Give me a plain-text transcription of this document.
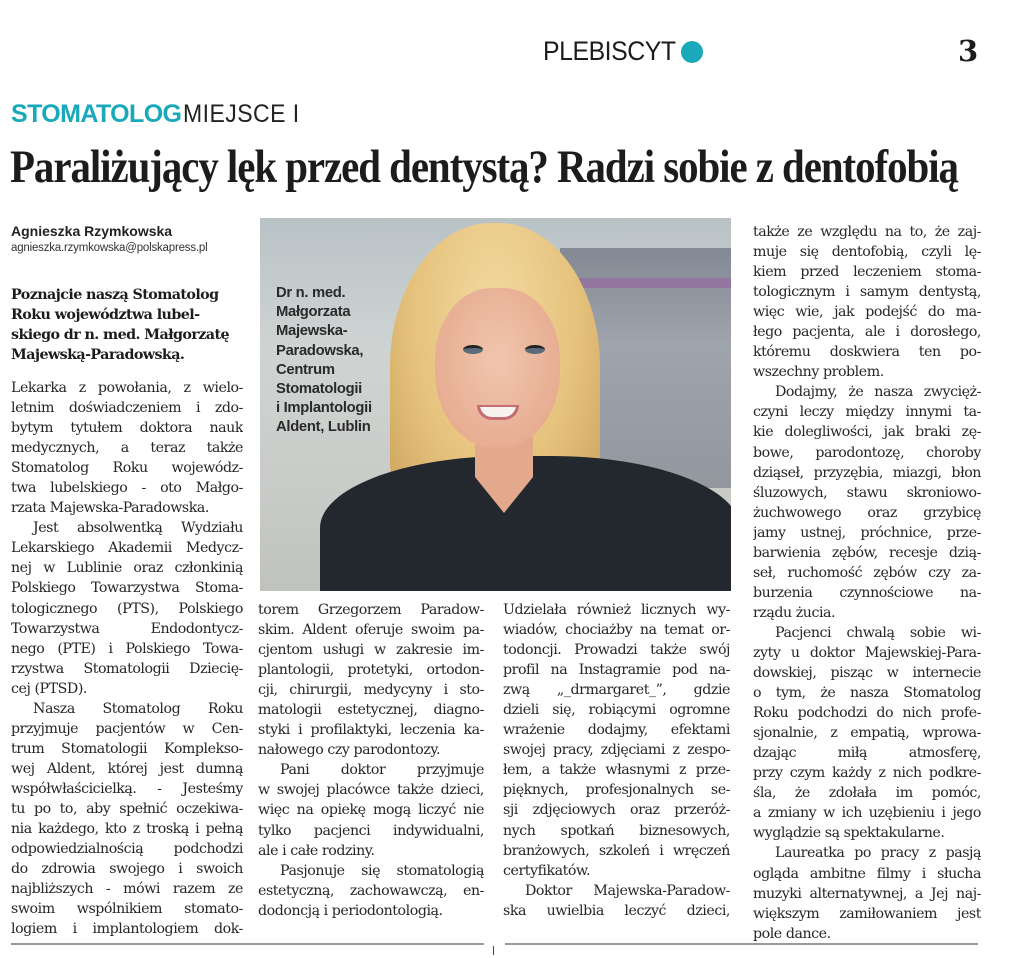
PLEBISCYT	3
STOMATOLOG MIEJSCE I
Paraliżujący lęk przed dentystą? Radzi sobie z dentofobią
Agnieszka Rzymkowska
agnieszka.rzymkowska@polskapress.pl
Poznajcie naszą Stomatolog
Roku województwa lubel-
skiego dr n. med. Małgorzatę
Majewską-Paradowską.
Dr n. med.
Małgorzata
Majewska-
Paradowska,
Centrum
Stomatologii
i Implantologii
Aldent, Lublin
Lekarka z powołania, z wielo-
letnim doświadczeniem i zdo-
bytym tytułem doktora nauk
medycznych, a teraz także
Stomatolog Roku wojewódz-
twa lubelskiego - oto Małgo-
rzata Majewska-Paradowska.
Jest absolwentką Wydziału
Lekarskiego Akademii Medycz-
nej w Lublinie oraz członkinią
Polskiego Towarzystwa Stoma-
tologicznego (PTS), Polskiego
Towarzystwa Endodontycz-
nego (PTE) i Polskiego Towa-
rzystwa Stomatologii Dziecię-
cej (PTSD).
Nasza Stomatolog Roku
przyjmuje pacjentów w Cen-
trum Stomatologii Komplekso-
wej Aldent, której jest dumną
współwłaścicielką. - Jesteśmy
tu po to, aby spełnić oczekiwa-
nia każdego, kto z troską i pełną
odpowiedzialnością podchodzi
do zdrowia swojego i swoich
najbliższych - mówi razem ze
swoim wspólnikiem stomato-
logiem i implantologiem dok-
torem Grzegorzem Paradow-
skim. Aldent oferuje swoim pa-
cjentom usługi w zakresie im-
plantologii, protetyki, ortodon-
cji, chirurgii, medycyny i sto-
matologii estetycznej, diagno-
styki i profilaktyki, leczenia ka-
nałowego czy parodontozy.
Pani doktor przyjmuje
w swojej placówce także dzieci,
więc na opiekę mogą liczyć nie
tylko pacjenci indywidualni,
ale i całe rodziny.
Pasjonuje się stomatologią
estetyczną, zachowawczą, en-
dodoncją i periodontologią.
Udzielała również licznych wy-
wiadów, chociażby na temat or-
todoncji. Prowadzi także swój
profil na Instagramie pod na-
zwą „_drmargaret_”, gdzie
dzieli się, robiącymi ogromne
wrażenie dodajmy, efektami
swojej pracy, zdjęciami z zespo-
łem, a także własnymi z prze-
pięknych, profesjonalnych se-
sji zdjęciowych oraz przeróż-
nych spotkań biznesowych,
branżowych, szkoleń i wręczeń
certyfikatów.
Doktor Majewska-Paradow-
ska uwielbia leczyć dzieci,
także ze względu na to, że zaj-
muje się dentofobią, czyli lę-
kiem przed leczeniem stoma-
tologicznym i samym dentystą,
więc wie, jak podejść do ma-
łego pacjenta, ale i dorosłego,
któremu doskwiera ten po-
wszechny problem.
Dodajmy, że nasza zwycięż-
czyni leczy między innymi ta-
kie dolegliwości, jak braki zę-
bowe, parodontozę, choroby
dziąseł, przyzębia, miazgi, błon
śluzowych, stawu skroniowo-
żuchwowego oraz grzybicę
jamy ustnej, próchnice, prze-
barwienia zębów, recesje dzią-
seł, ruchomość zębów czy za-
burzenia czynnościowe na-
rządu żucia.
Pacjenci chwalą sobie wi-
zyty u doktor Majewskiej-Para-
dowskiej, pisząc w internecie
o tym, że nasza Stomatolog
Roku podchodzi do nich profe-
sjonalnie, z empatią, wprowa-
dzając miłą atmosferę,
przy czym każdy z nich podkre-
śla, że zdołała im pomóc,
a zmiany w ich uzębieniu i jego
wyglądzie są spektakularne.
Laureatka po pracy z pasją
ogląda ambitne filmy i słucha
muzyki alternatywnej, a Jej naj-
większym zamiłowaniem jest
pole dance.
